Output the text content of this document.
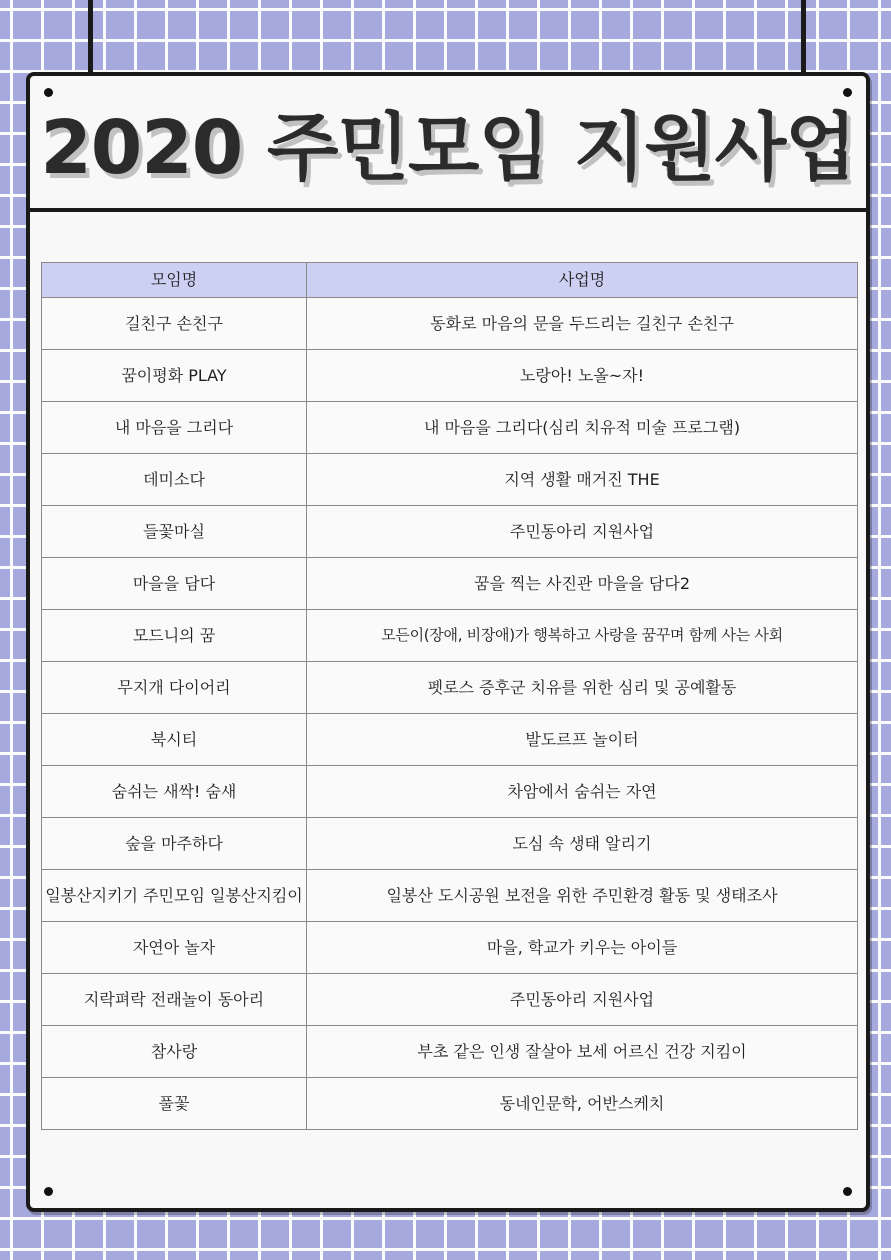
2020 주민모임 지원사업
모임명	사업명
길친구 손친구	동화로 마음의 문을 두드리는 길친구 손친구
꿈이평화 PLAY	노랑아! 노올~자!
내 마음을 그리다	내 마음을 그리다(심리 치유적 미술 프로그램)
데미소다	지역 생활 매거진 THE
들꽃마실	주민동아리 지원사업
마을을 담다	꿈을 찍는 사진관 마을을 담다2
모드니의 꿈	모든이(장애, 비장애)가 행복하고 사랑을 꿈꾸며 함께 사는 사회
무지개 다이어리	펫로스 증후군 치유를 위한 심리 및 공예활동
북시티	발도르프 놀이터
숨쉬는 새싹! 숨새	차암에서 숨쉬는 자연
숲을 마주하다	도심 속 생태 알리기
일봉산지키기 주민모임 일봉산지킴이	일봉산 도시공원 보전을 위한 주민환경 활동 및 생태조사
자연아 놀자	마을, 학교가 키우는 아이들
지락펴락 전래놀이 동아리	주민동아리 지원사업
참사랑	부초 같은 인생 잘살아 보세 어르신 건강 지킴이
풀꽃	동네인문학, 어반스케치
